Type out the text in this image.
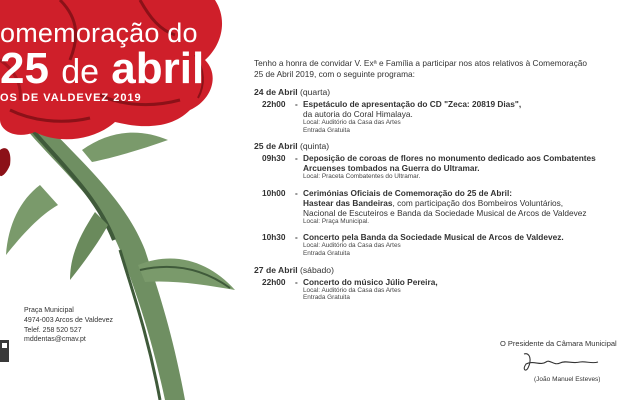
omemoração do
25 de abril
OS DE VALDEVEZ 2019
Praça Municipal
4974-003 Arcos de Valdevez
Telef. 258 520 527
mddentas@cmav.pt
Tenho a honra de convidar V. Exª e Família a participar nos atos relativos à Comemoração
25 de Abril 2019, com o seguinte programa:
24 de Abril (quarta)
22h00	- Espetáculo de apresentação do CD "Zeca: 20819 Dias",
da autoria do Coral Himalaya.
Local: Auditório da Casa das Artes
Entrada Gratuita
25 de Abril (quinta)
09h30	- Deposição de coroas de flores no monumento dedicado aos Combatentes
Arcuenses tombados na Guerra do Ultramar.
Local: Praceta Combatentes do Ultramar.
10h00	- Cerimónias Oficiais de Comemoração do 25 de Abril:
Hastear das Bandeiras, com participação dos Bombeiros Voluntários,
Nacional de Escuteiros e Banda da Sociedade Musical de Arcos de Valdevez
Local: Praça Municipal.
10h30	- Concerto pela Banda da Sociedade Musical de Arcos de Valdevez.
Local: Auditório da Casa das Artes
Entrada Gratuita
27 de Abril (sábado)
22h00	- Concerto do músico Júlio Pereira,
Local: Auditório da Casa das Artes
Entrada Gratuita
O Presidente da Câmara Municipal
(João Manuel Esteves)
